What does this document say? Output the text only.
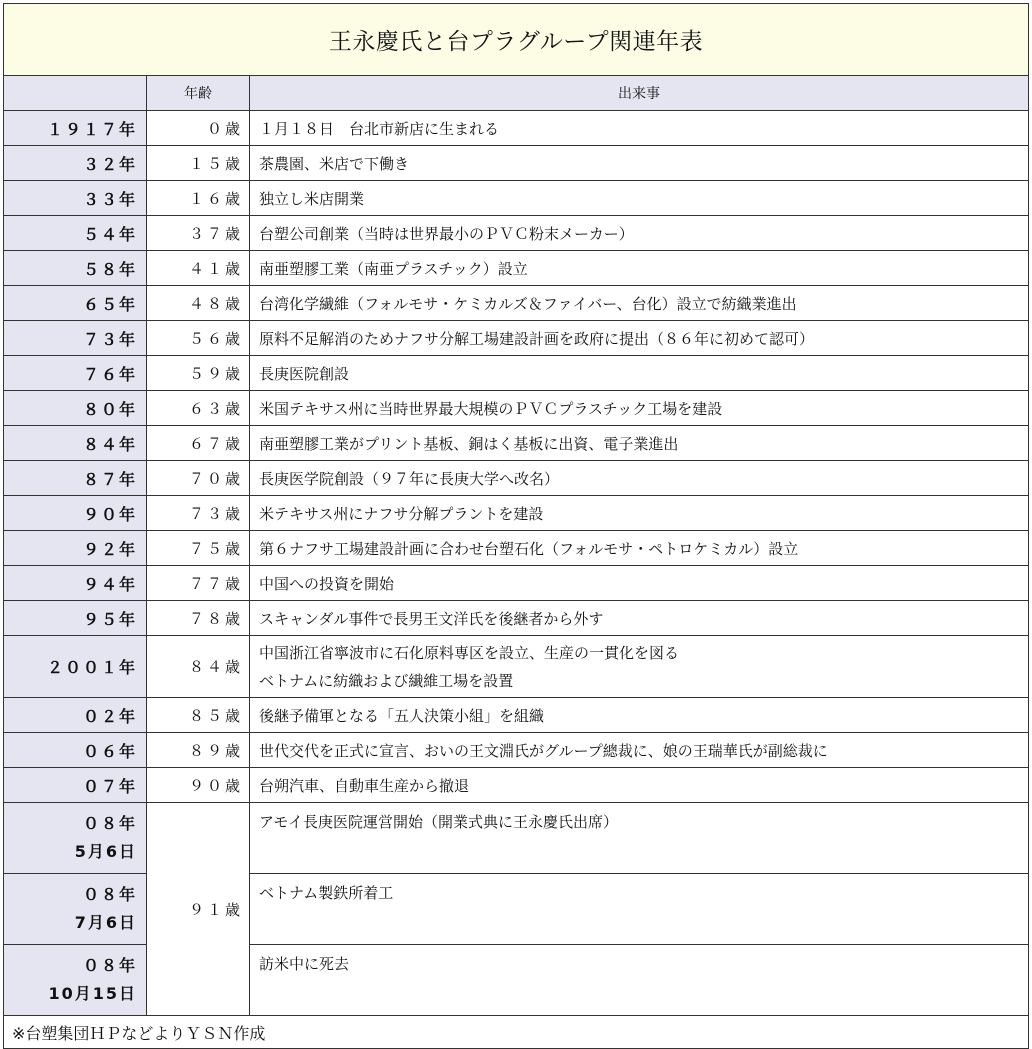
王永慶氏と台プラグループ関連年表		
	年齢	出来事
１９１７年	０歳	１月１８日　台北市新店に生まれる
３２年	１５歳	茶農園、米店で下働き
３３年	１６歳	独立し米店開業
５４年	３７歳	台塑公司創業（当時は世界最小のＰＶＣ粉末メーカー）
５８年	４１歳	南亜塑膠工業（南亜プラスチック）設立
６５年	４８歳	台湾化学繊維（フォルモサ・ケミカルズ＆ファイバー、台化）設立で紡織業進出
７３年	５６歳	原料不足解消のためナフサ分解工場建設計画を政府に提出（８６年に初めて認可）
７６年	５９歳	長庚医院創設
８０年	６３歳	米国テキサス州に当時世界最大規模のＰＶＣプラスチック工場を建設
８４年	６７歳	南亜塑膠工業がプリント基板、銅はく基板に出資、電子業進出
８７年	７０歳	長庚医学院創設（９７年に長庚大学へ改名）
９０年	７３歳	米テキサス州にナフサ分解プラントを建設
９２年	７５歳	第６ナフサ工場建設計画に合わせ台塑石化（フォルモサ・ペトロケミカル）設立
９４年	７７歳	中国への投資を開始
９５年	７８歳	スキャンダル事件で長男王文洋氏を後継者から外す
２００１年	８４歳	中国浙江省寧波市に石化原料専区を設立、生産の一貫化を図る
ベトナムに紡織および繊維工場を設置

０２年	８５歳	後継予備軍となる「五人決策小組」を組織
０６年	８９歳	世代交代を正式に宣言、おいの王文淵氏がグループ總裁に、娘の王瑞華氏が副総裁に
０７年	９０歳	台朔汽車、自動車生産から撤退

０８年
5月6日	９１歳	アモイ長庚医院運営開始（開業式典に王永慶氏出席）

０８年
7月6日		ベトナム製鉄所着工

０８年
10月15日		訪米中に死去
※台塑集団ＨＰなどよりＹＳＮ作成		
